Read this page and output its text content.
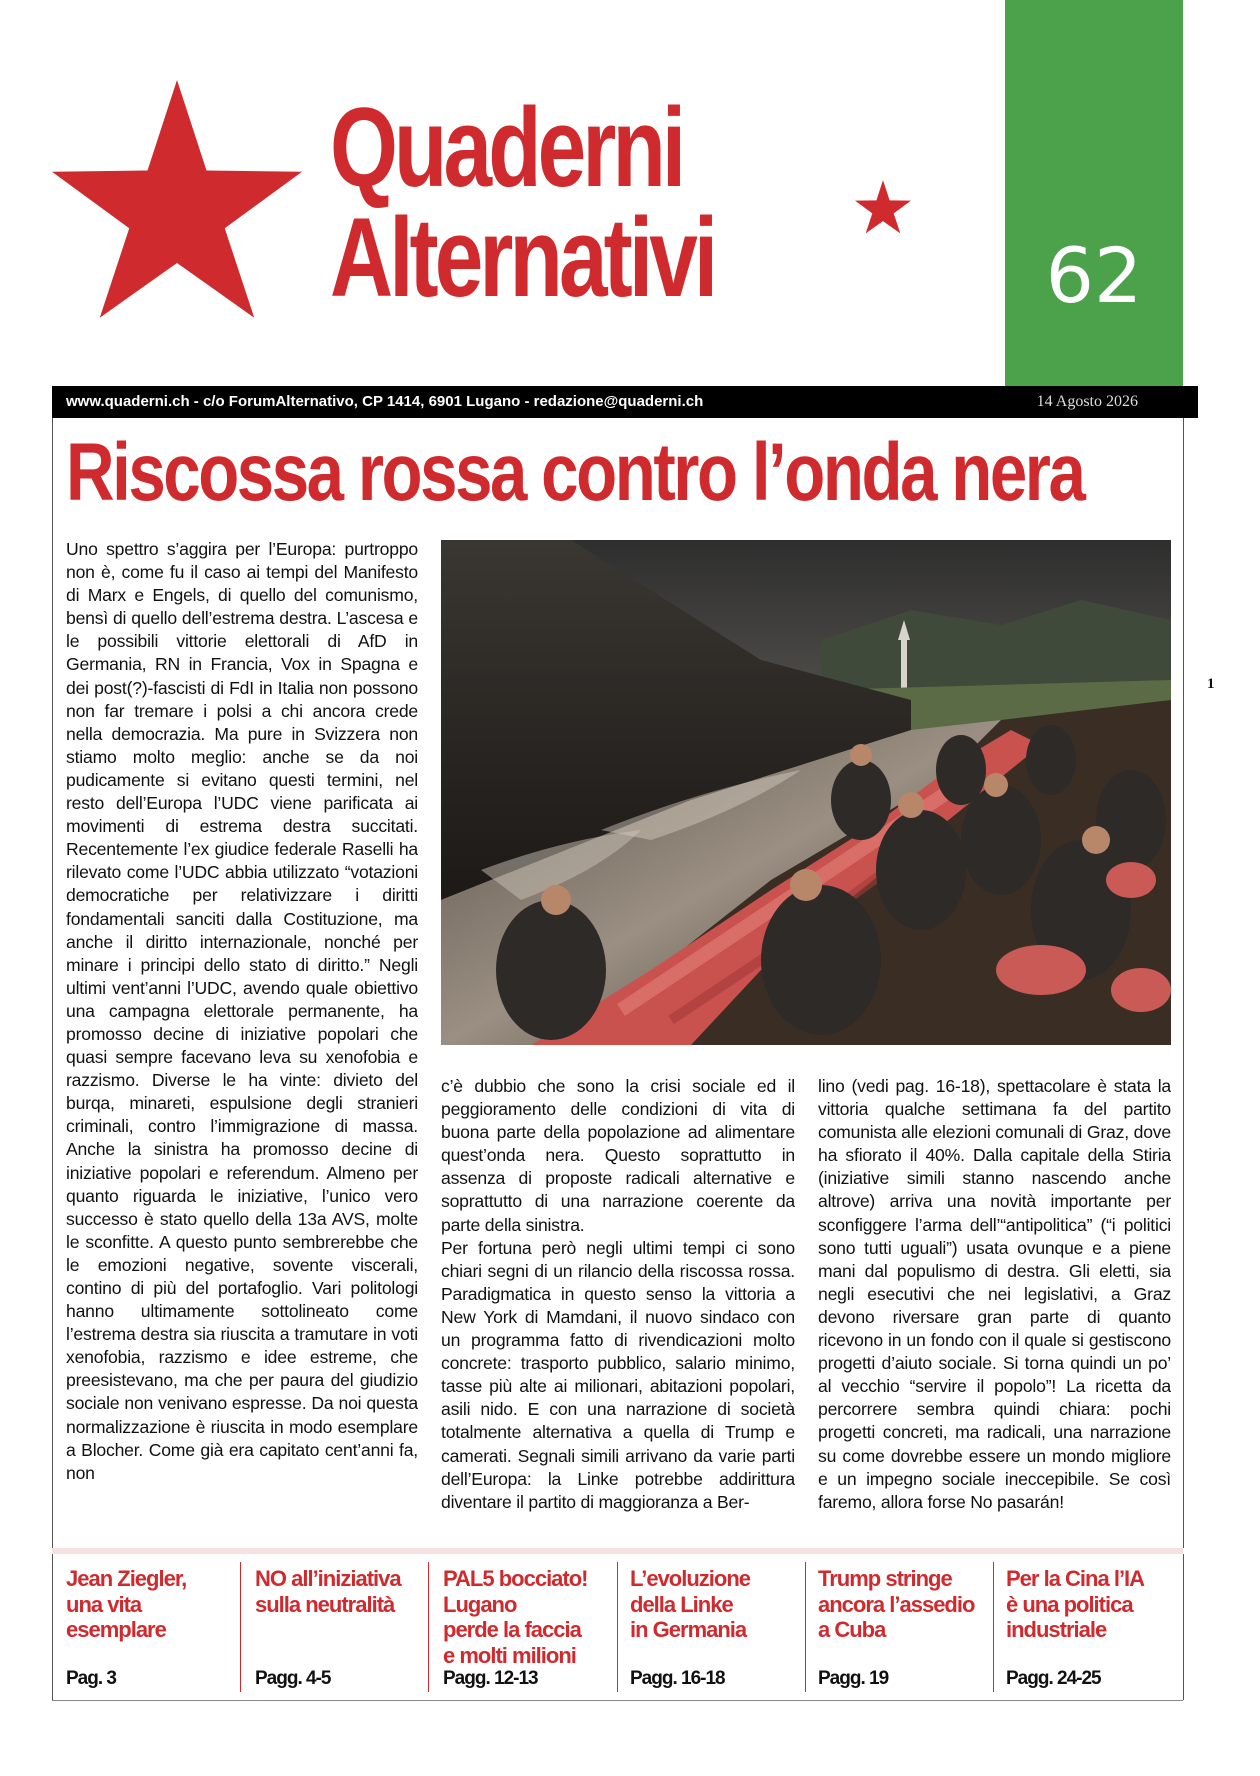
Quaderni
Alternativi	62
www.quaderni.ch - c/o ForumAlternativo, CP 1414, 6901 Lugano - redazione@quaderni.ch	14 Agosto 2026
Riscossa rossa contro l’onda nera
1

Uno spettro s’aggira per l’Europa: purtroppo non è, come fu il caso ai tempi del Manifesto di Marx e Engels, di quello del comunismo, bensì di quello dell’estrema destra. L’ascesa e le possibili vittorie elettorali di AfD in Germania, RN in Francia, Vox in Spagna e dei post(?)-fascisti di FdI in Italia non possono non far tremare i polsi a chi ancora crede nella democrazia. Ma pure in Svizzera non stiamo molto meglio: anche se da noi pudicamente si evitano questi termini, nel resto dell’Europa l’UDC viene parificata ai movimenti di estrema destra succitati. Recentemente l’ex giudice federale Raselli ha rilevato come l’UDC abbia utilizzato “votazioni democratiche per relativizzare i diritti fondamentali sanciti dalla Costituzione, ma anche il diritto internazionale, nonché per minare i principi dello stato di diritto.” Negli ultimi vent’anni l’UDC, avendo quale obiettivo una campagna elettorale permanente, ha promosso decine di iniziative popolari che quasi sempre facevano leva su xenofobia e razzismo. Diverse le ha vinte: divieto del burqa, minareti, espulsione degli stranieri criminali, contro l’immigrazione di massa. Anche la sinistra ha promosso decine di iniziative popolari e referendum. Almeno per quanto riguarda le iniziative, l’unico vero successo è stato quello della 13a AVS, molte le sconfitte. A questo punto sembrerebbe che le emozioni negative, sovente viscerali, contino di più del portafoglio. Vari politologi hanno ultimamente sottolineato come l’estrema destra sia riuscita a tramutare in voti xenofobia, razzismo e idee estreme, che preesistevano, ma che per paura del giudizio sociale non venivano espresse. Da noi questa normalizzazione è riuscita in modo esemplare a Blocher. Come già era capitato cent’anni fa, non

c’è dubbio che sono la crisi sociale ed il peggioramento delle condizioni di vita di buona parte della popolazione ad alimentare quest’onda nera. Questo soprattutto in assenza di proposte radicali alternative e soprattutto di una narrazione coerente da parte della sinistra.

Per fortuna però negli ultimi tempi ci sono chiari segni di un rilancio della riscossa rossa. Paradigmatica in questo senso la vittoria a New York di Mamdani, il nuovo sindaco con un programma fatto di rivendicazioni molto concrete: trasporto pubblico, salario minimo, tasse più alte ai milionari, abitazioni popolari, asili nido. E con una narrazione di società totalmente alternativa a quella di Trump e camerati. Segnali simili arrivano da varie parti dell’Europa: la Linke potrebbe addirittura diventare il partito di maggioranza a Ber-

lino (vedi pag. 16-18), spettacolare è stata la vittoria qualche settimana fa del partito comunista alle elezioni comunali di Graz, dove ha sfiorato il 40%. Dalla capitale della Stiria (iniziative simili stanno nascendo anche altrove) arriva una novità importante per sconfiggere l’arma dell’“antipolitica” (“i politici sono tutti uguali”) usata ovunque e a piene mani dal populismo di destra. Gli eletti, sia negli esecutivi che nei legislativi, a Graz devono riversare gran parte di quanto ricevono in un fondo con il quale si gestiscono progetti d’aiuto sociale. Si torna quindi un po’ al vecchio “servire il popolo”! La ricetta da percorrere sembra quindi chiara: pochi progetti concreti, ma radicali, una narrazione su come dovrebbe essere un mondo migliore e un impegno sociale ineccepibile. Se così faremo, allora forse No pasarán!

Jean Ziegler,
una vita
esemplare
Pag. 3
NO all’iniziativa
sulla neutralità
Pagg. 4-5
PAL5 bocciato!
Lugano
perde la faccia
e molti milioni
Pagg. 12-13
L’evoluzione
della Linke
in Germania
Pagg. 16-18
Trump stringe
ancora l’assedio
a Cuba
Pagg. 19
Per la Cina l’IA
è una politica
industriale
Pagg. 24-25
